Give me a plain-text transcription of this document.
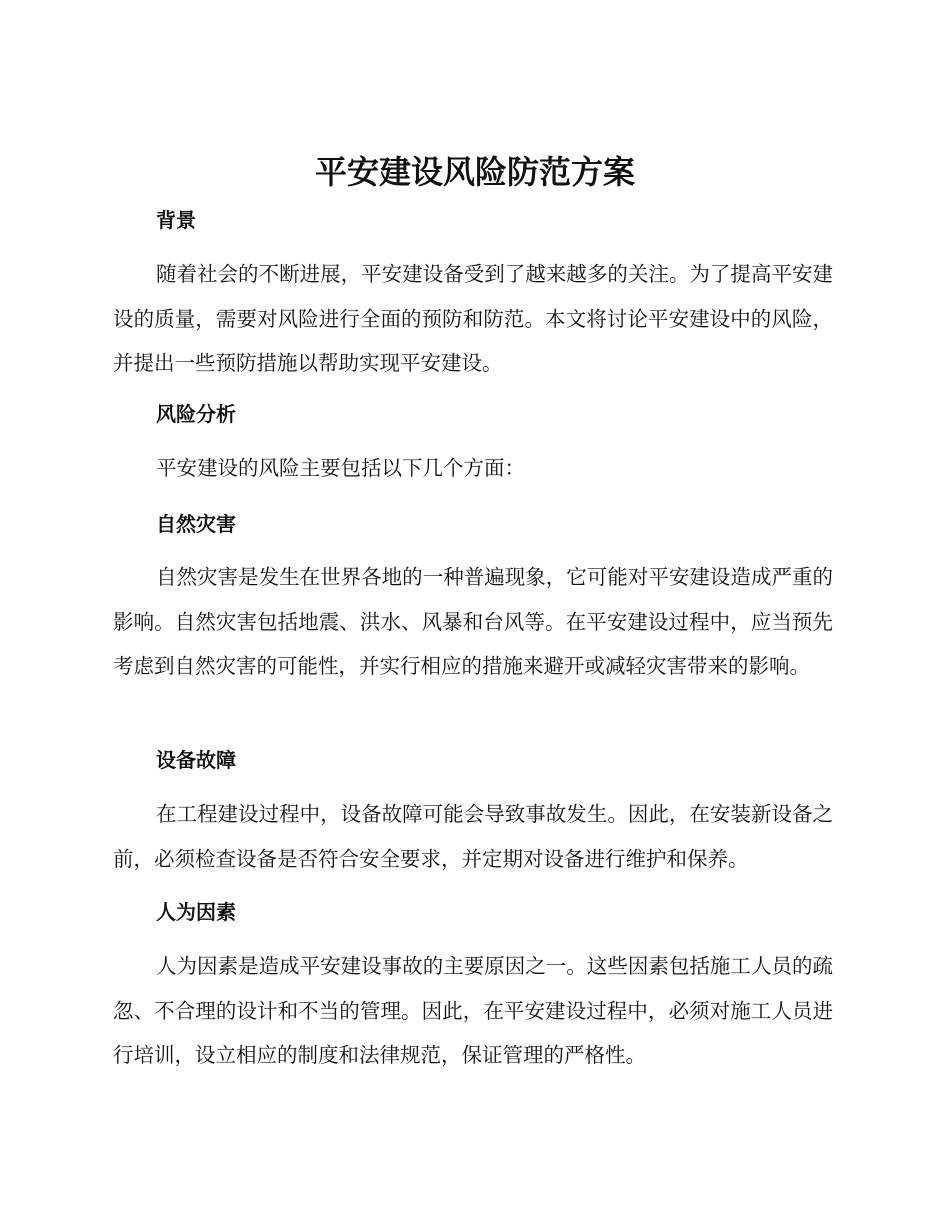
平安建设风险防范方案
背景

随着社会的不断进展，平安建设备受到了越来越多的关注。为了提高平安建设的质量，需要对风险进行全面的预防和防范。本文将讨论平安建设中的风险，并提出一些预防措施以帮助实现平安建设。

风险分析

平安建设的风险主要包括以下几个方面：

自然灾害

自然灾害是发生在世界各地的一种普遍现象，它可能对平安建设造成严重的影响。自然灾害包括地震、洪水、风暴和台风等。在平安建设过程中，应当预先考虑到自然灾害的可能性，并实行相应的措施来避开或减轻灾害带来的影响。

设备故障

在工程建设过程中，设备故障可能会导致事故发生。因此，在安装新设备之前，必须检查设备是否符合安全要求，并定期对设备进行维护和保养。

人为因素

人为因素是造成平安建设事故的主要原因之一。这些因素包括施工人员的疏忽、不合理的设计和不当的管理。因此，在平安建设过程中，必须对施工人员进行培训，设立相应的制度和法律规范，保证管理的严格性。
